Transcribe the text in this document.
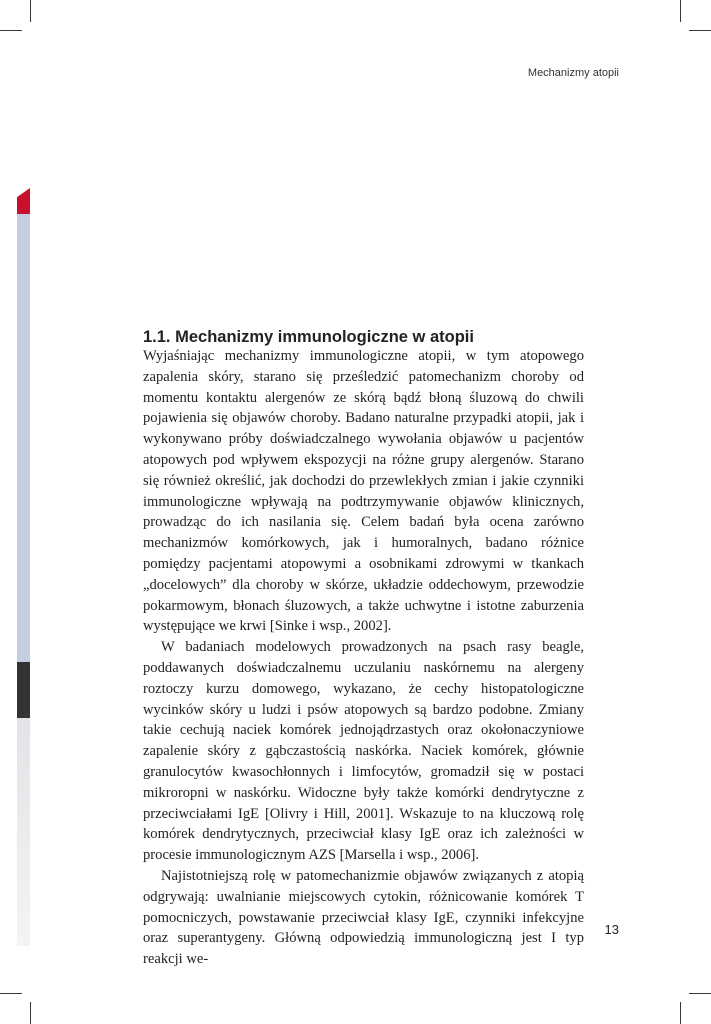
Mechanizmy atopii
1.1. Mechanizmy immunologiczne w atopii

Wyjaśniając mechanizmy immunologiczne atopii, w tym atopowego zapalenia skóry, starano się prześledzić patomechanizm choroby od momentu kontaktu alergenów ze skórą bądź błoną śluzową do chwili pojawienia się objawów choroby. Badano naturalne przypadki atopii, jak i wykonywano próby doświadczalnego wywołania objawów u pacjentów atopowych pod wpływem ekspozycji na różne grupy alergenów. Starano się również określić, jak dochodzi do przewlekłych zmian i jakie czynniki immunologiczne wpływają na podtrzymywanie objawów klinicznych, prowadząc do ich nasilania się. Celem badań była ocena zarówno mechanizmów komórkowych, jak i humoralnych, badano różnice pomiędzy pacjentami atopowymi a osobnikami zdrowymi w tkankach „docelowych” dla choroby w skórze, układzie oddechowym, przewodzie pokarmowym, błonach śluzowych, a także uchwytne i istotne zaburzenia występujące we krwi [Sinke i wsp., 2002].

W badaniach modelowych prowadzonych na psach rasy beagle, poddawanych doświadczalnemu uczulaniu naskórnemu na alergeny roztoczy kurzu domowego, wykazano, że cechy histopatologiczne wycinków skóry u ludzi i psów atopowych są bardzo podobne. Zmiany takie cechują naciek komórek jednojądrzastych oraz okołonaczyniowe zapalenie skóry z gąbczastością naskórka. Naciek komórek, głównie granulocytów kwasochłonnych i limfocytów, gromadził się w postaci mikroropni w naskórku. Widoczne były także komórki dendrytyczne z przeciwciałami IgE [Olivry i Hill, 2001]. Wskazuje to na kluczową rolę komórek dendrytycznych, przeciwciał klasy IgE oraz ich zależności w procesie immunologicznym AZS [Marsella i wsp., 2006].

Najistotniejszą rolę w patomechanizmie objawów związanych z atopią odgrywają: uwalnianie miejscowych cytokin, różnicowanie komórek T pomocniczych, powstawanie przeciwciał klasy IgE, czynniki infekcyjne oraz superantygeny. Główną odpowiedzią immunologiczną jest I typ reakcji we-

13
